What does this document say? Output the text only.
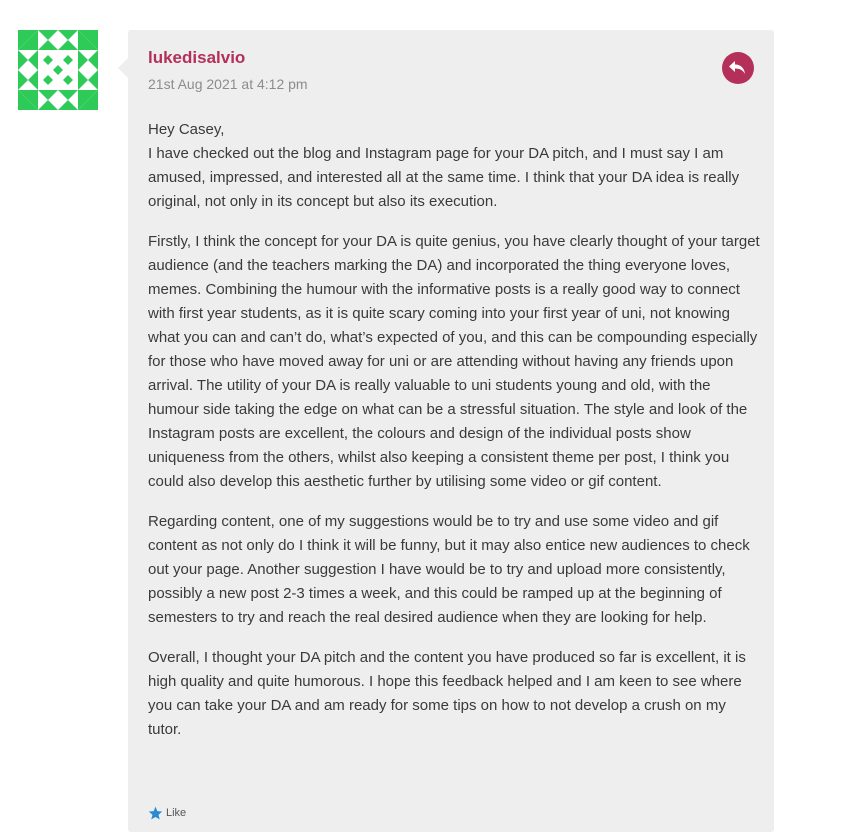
lukedisalvio
21st Aug 2021 at 4:12 pm

Hey Casey,
I have checked out the blog and Instagram page for your DA pitch, and I must say I am amused, impressed, and interested all at the same time. I think that your DA idea is really original, not only in its concept but also its execution.

Firstly, I think the concept for your DA is quite genius, you have clearly thought of your target audience (and the teachers marking the DA) and incorporated the thing everyone loves, memes. Combining the humour with the informative posts is a really good way to connect with first year students, as it is quite scary coming into your first year of uni, not knowing what you can and can’t do, what’s expected of you, and this can be compounding especially for those who have moved away for uni or are attending without having any friends upon arrival. The utility of your DA is really valuable to uni students young and old, with the humour side taking the edge on what can be a stressful situation. The style and look of the Instagram posts are excellent, the colours and design of the individual posts show uniqueness from the others, whilst also keeping a consistent theme per post, I think you could also develop this aesthetic further by utilising some video or gif content.

Regarding content, one of my suggestions would be to try and use some video and gif content as not only do I think it will be funny, but it may also entice new audiences to check out your page. Another suggestion I have would be to try and upload more consistently, possibly a new post 2-3 times a week, and this could be ramped up at the beginning of semesters to try and reach the real desired audience when they are looking for help.

Overall, I thought your DA pitch and the content you have produced so far is excellent, it is high quality and quite humorous. I hope this feedback helped and I am keen to see where you can take your DA and am ready for some tips on how to not develop a crush on my tutor.

Like
